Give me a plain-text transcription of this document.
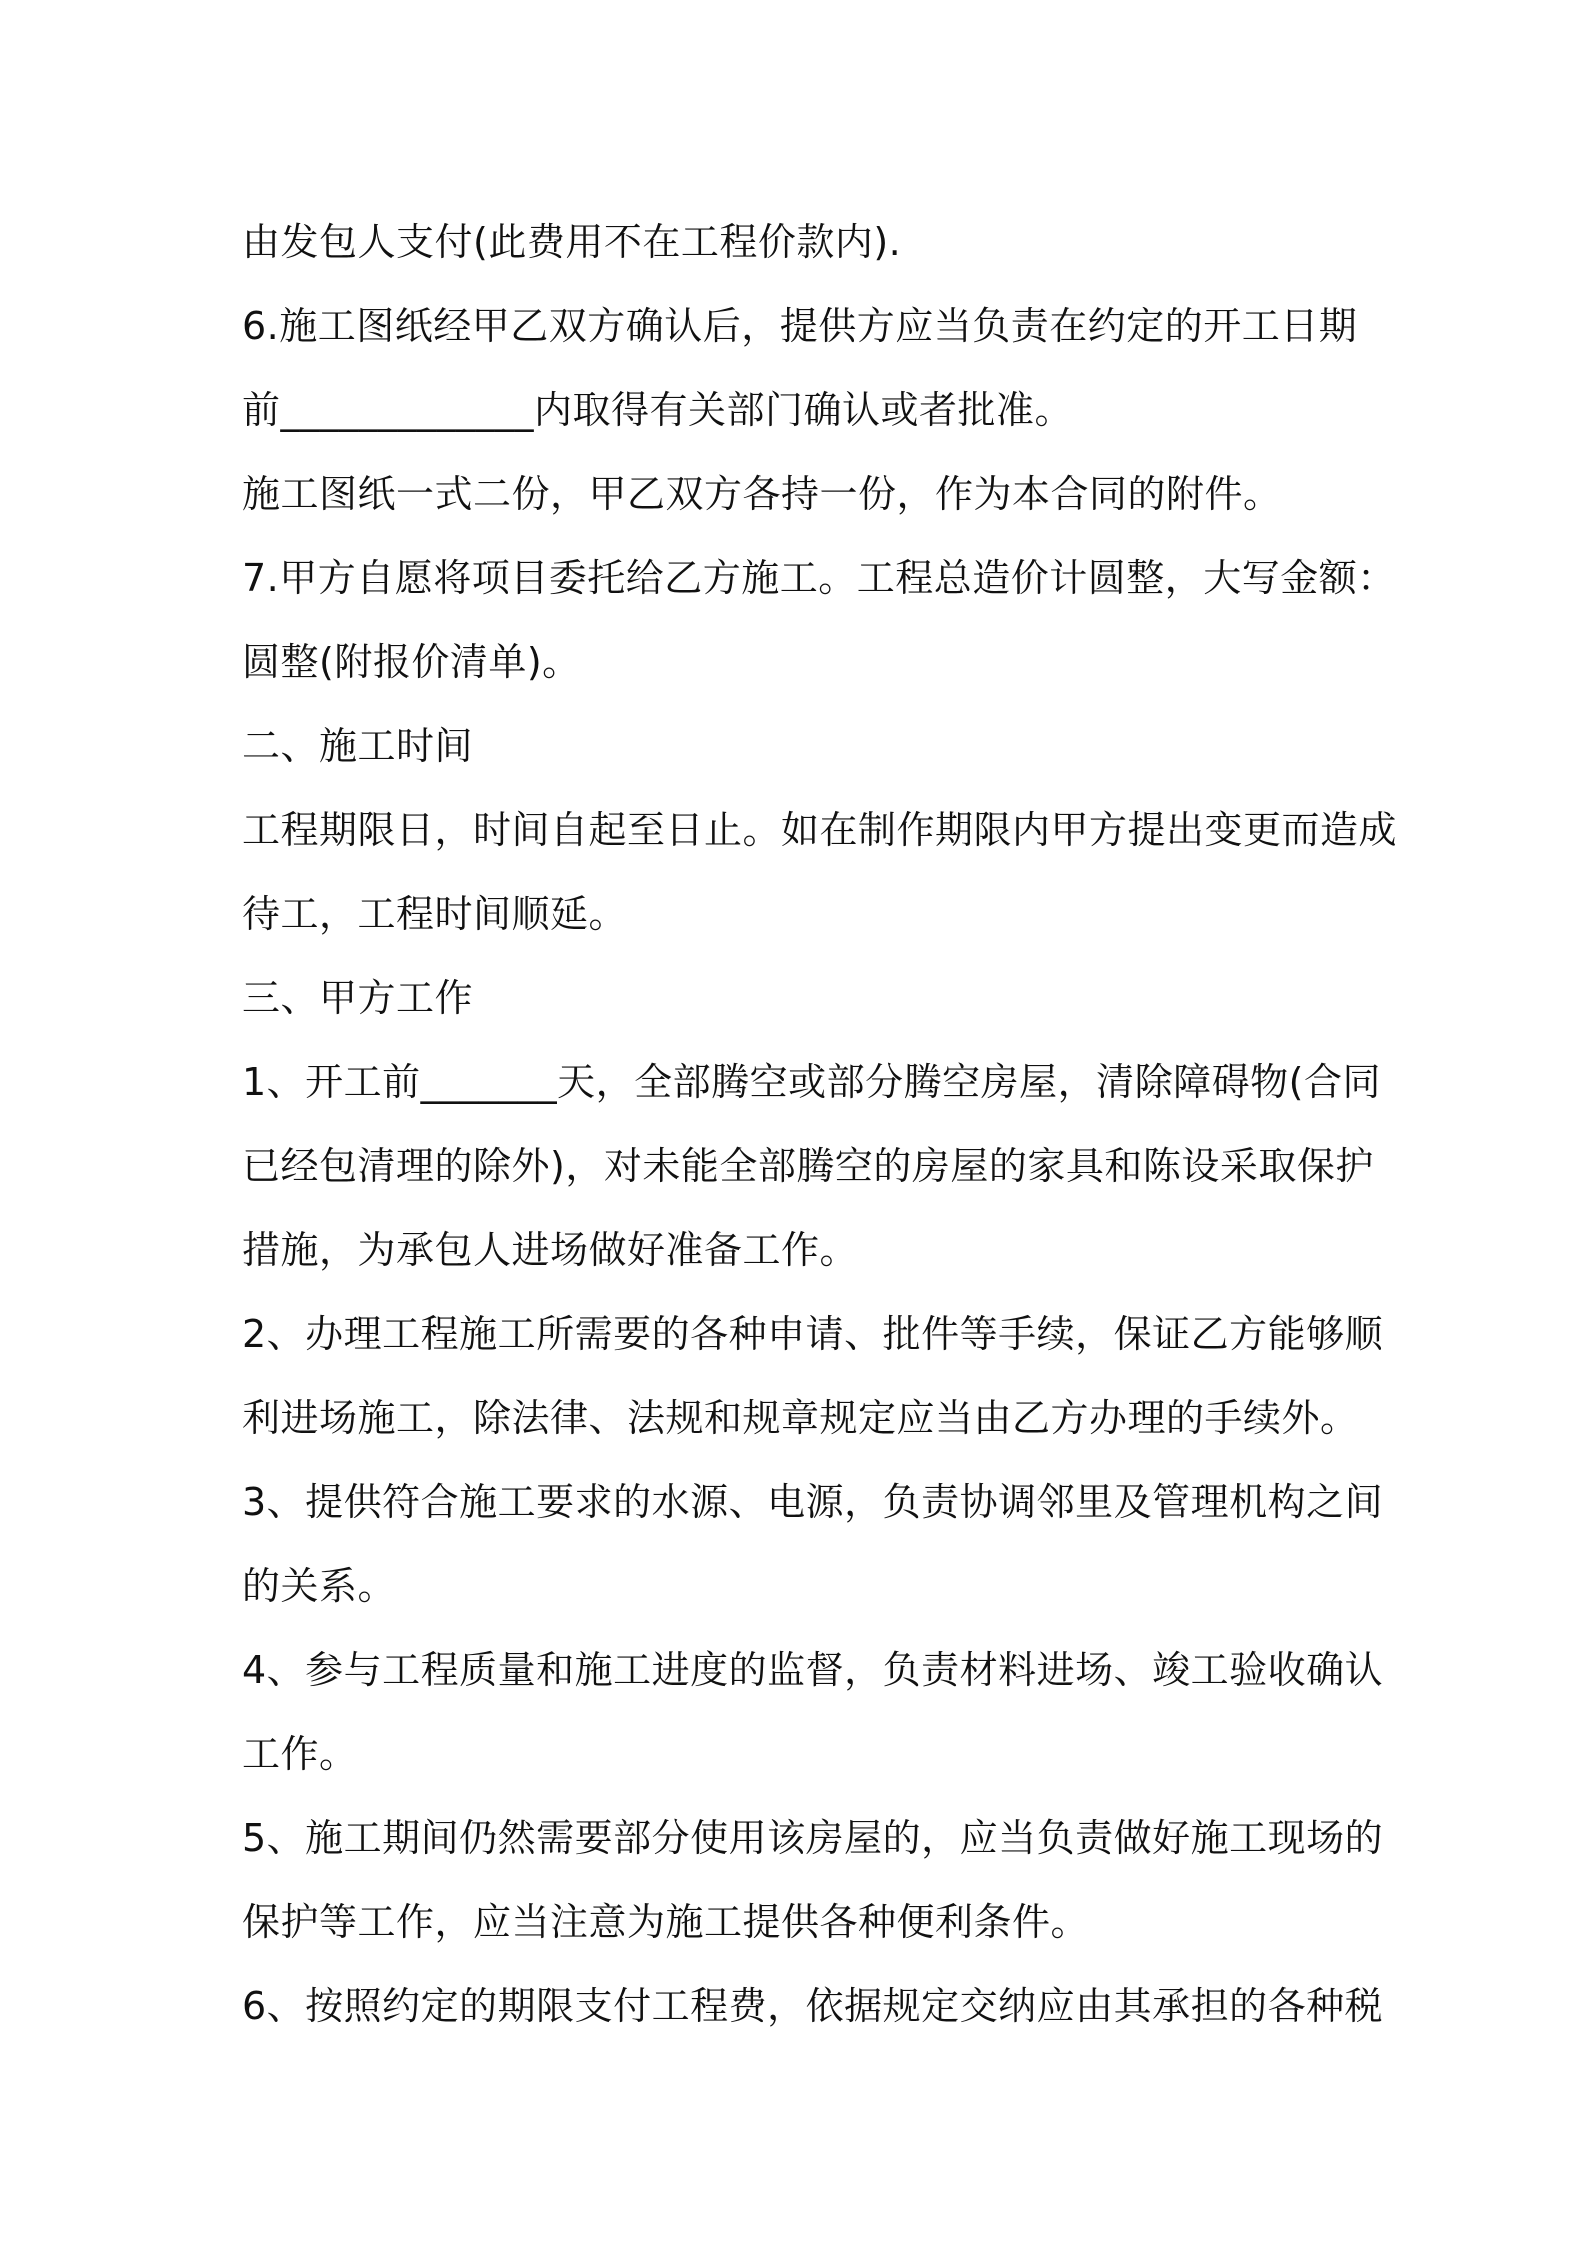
由发包人支付(此费用不在工程价款内).
6.施工图纸经甲乙双方确认后，提供方应当负责在约定的开工日期
前_____________内取得有关部门确认或者批准。
施工图纸一式二份，甲乙双方各持一份，作为本合同的附件。
7.甲方自愿将项目委托给乙方施工。工程总造价计圆整，大写金额：
圆整(附报价清单)。
二、施工时间
工程期限日，时间自起至日止。如在制作期限内甲方提出变更而造成
待工，工程时间顺延。
三、甲方工作
1、开工前_______天，全部腾空或部分腾空房屋，清除障碍物(合同
已经包清理的除外)，对未能全部腾空的房屋的家具和陈设采取保护
措施，为承包人进场做好准备工作。
2、办理工程施工所需要的各种申请、批件等手续，保证乙方能够顺
利进场施工，除法律、法规和规章规定应当由乙方办理的手续外。
3、提供符合施工要求的水源、电源，负责协调邻里及管理机构之间
的关系。
4、参与工程质量和施工进度的监督，负责材料进场、竣工验收确认
工作。
5、施工期间仍然需要部分使用该房屋的，应当负责做好施工现场的
保护等工作，应当注意为施工提供各种便利条件。
6、按照约定的期限支付工程费，依据规定交纳应由其承担的各种税
